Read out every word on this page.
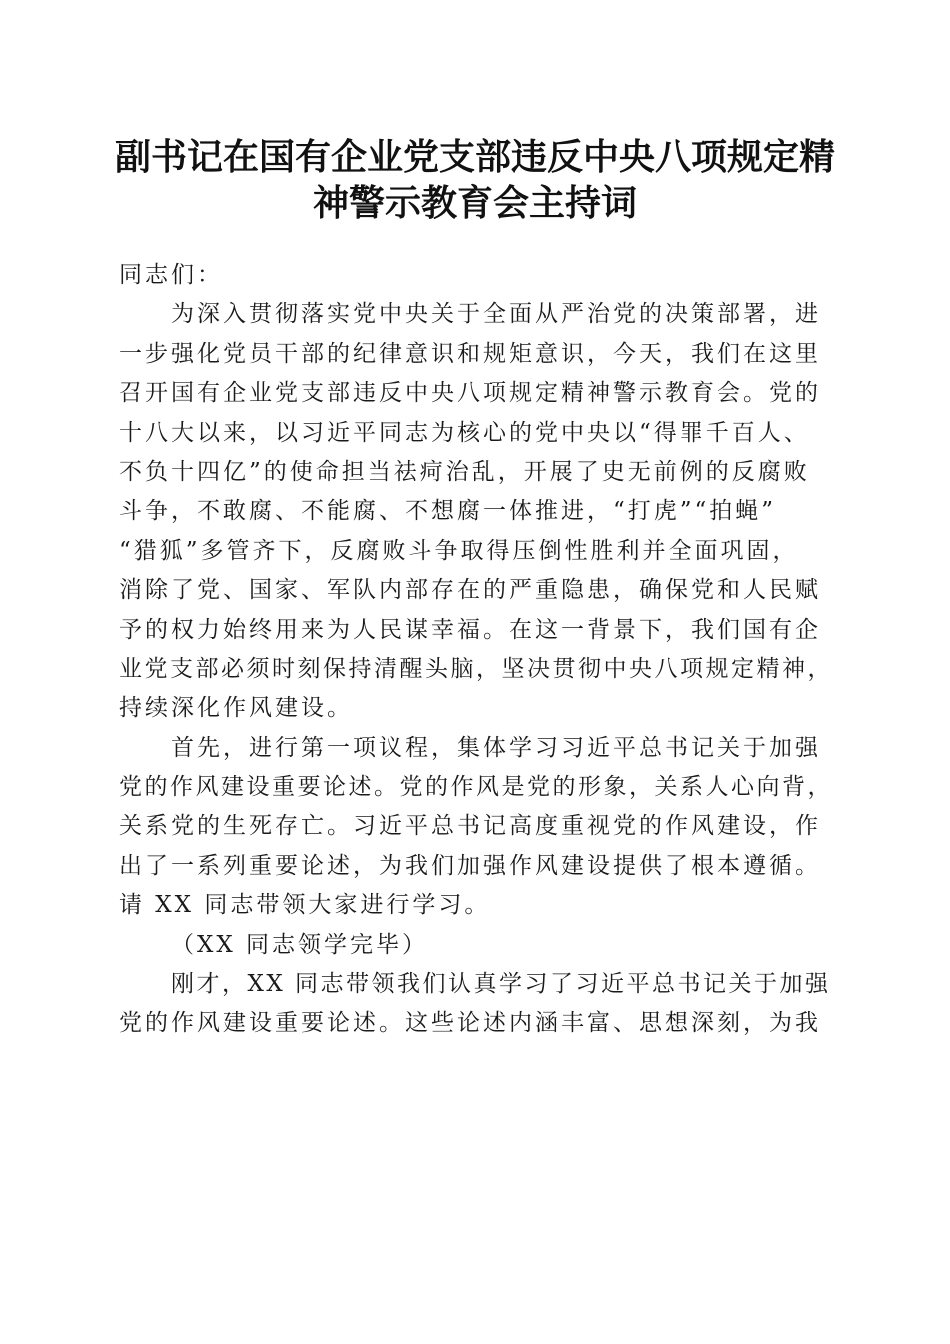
副书记在国有企业党支部违反中央八项规定精
神警示教育会主持词
同志们：
为深入贯彻落实党中央关于全面从严治党的决策部署，进
一步强化党员干部的纪律意识和规矩意识，今天，我们在这里
召开国有企业党支部违反中央八项规定精神警示教育会。党的
十八大以来，以习近平同志为核心的党中央以“得罪千百人、
不负十四亿”的使命担当祛疴治乱，开展了史无前例的反腐败
斗争，不敢腐、不能腐、不想腐一体推进，“打虎”“拍蝇”
“猎狐”多管齐下，反腐败斗争取得压倒性胜利并全面巩固，
消除了党、国家、军队内部存在的严重隐患，确保党和人民赋
予的权力始终用来为人民谋幸福。在这一背景下，我们国有企
业党支部必须时刻保持清醒头脑，坚决贯彻中央八项规定精神，
持续深化作风建设。
首先，进行第一项议程，集体学习习近平总书记关于加强
党的作风建设重要论述。党的作风是党的形象，关系人心向背，
关系党的生死存亡。习近平总书记高度重视党的作风建设，作
出了一系列重要论述，为我们加强作风建设提供了根本遵循。
请 XX 同志带领大家进行学习。
（XX 同志领学完毕）
刚才，XX 同志带领我们认真学习了习近平总书记关于加强
党的作风建设重要论述。这些论述内涵丰富、思想深刻，为我
